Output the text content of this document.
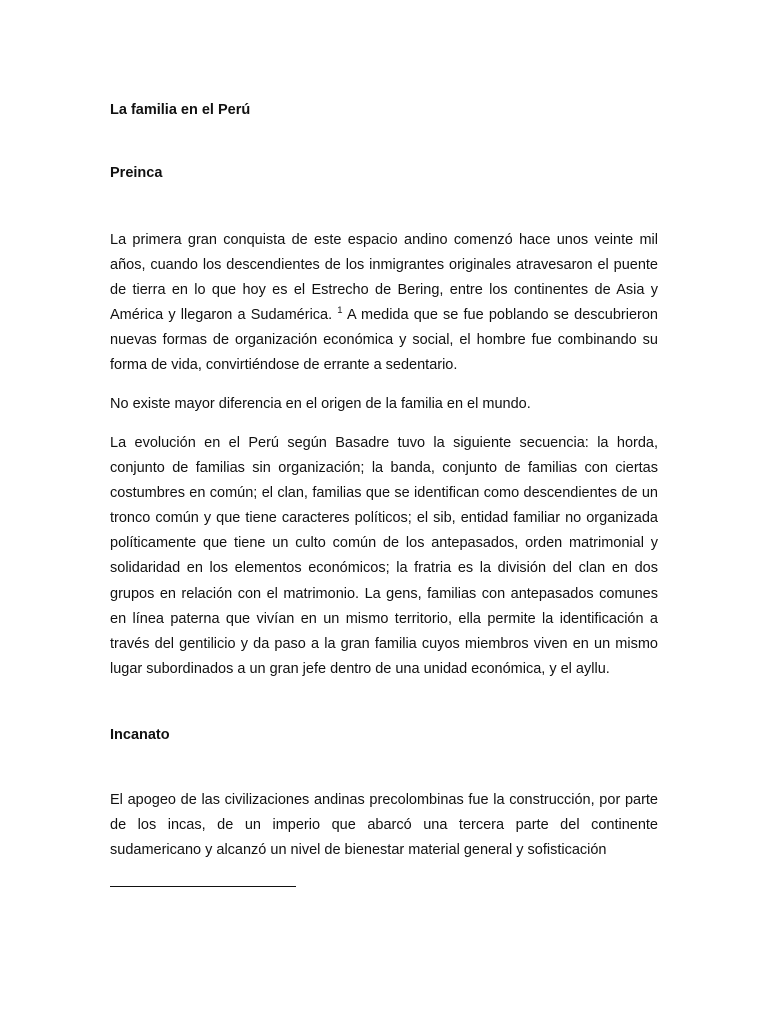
La familia en el Perú
Preinca

La primera gran conquista de este espacio andino comenzó hace unos veinte mil años, cuando los descendientes de los inmigrantes originales atravesaron el puente de tierra en lo que hoy es el Estrecho de Bering, entre los continentes de Asia y América y llegaron a Sudamérica. $^1$ A medida que se fue poblando se descubrieron nuevas formas de organización económica y social, el hombre fue combinando su forma de vida, convirtiéndose de errante a sedentario.

No existe mayor diferencia en el origen de la familia en el mundo.

La evolución en el Perú según Basadre tuvo la siguiente secuencia: la horda, conjunto de familias sin organización; la banda, conjunto de familias con ciertas costumbres en común; el clan, familias que se identifican como descendientes de un tronco común y que tiene caracteres políticos; el sib, entidad familiar no organizada políticamente que tiene un culto común de los antepasados, orden matrimonial y solidaridad en los elementos económicos; la fratria es la división del clan en dos grupos en relación con el matrimonio. La gens, familias con antepasados comunes en línea paterna que vivían en un mismo territorio, ella permite la identificación a través del gentilicio y da paso a la gran familia cuyos miembros viven en un mismo lugar subordinados a un gran jefe dentro de una unidad económica, y el ayllu.

Incanato

El apogeo de las civilizaciones andinas precolombinas fue la construcción, por parte de los incas, de un imperio que abarcó una tercera parte del continente sudamericano y alcanzó un nivel de bienestar material general y sofisticación
